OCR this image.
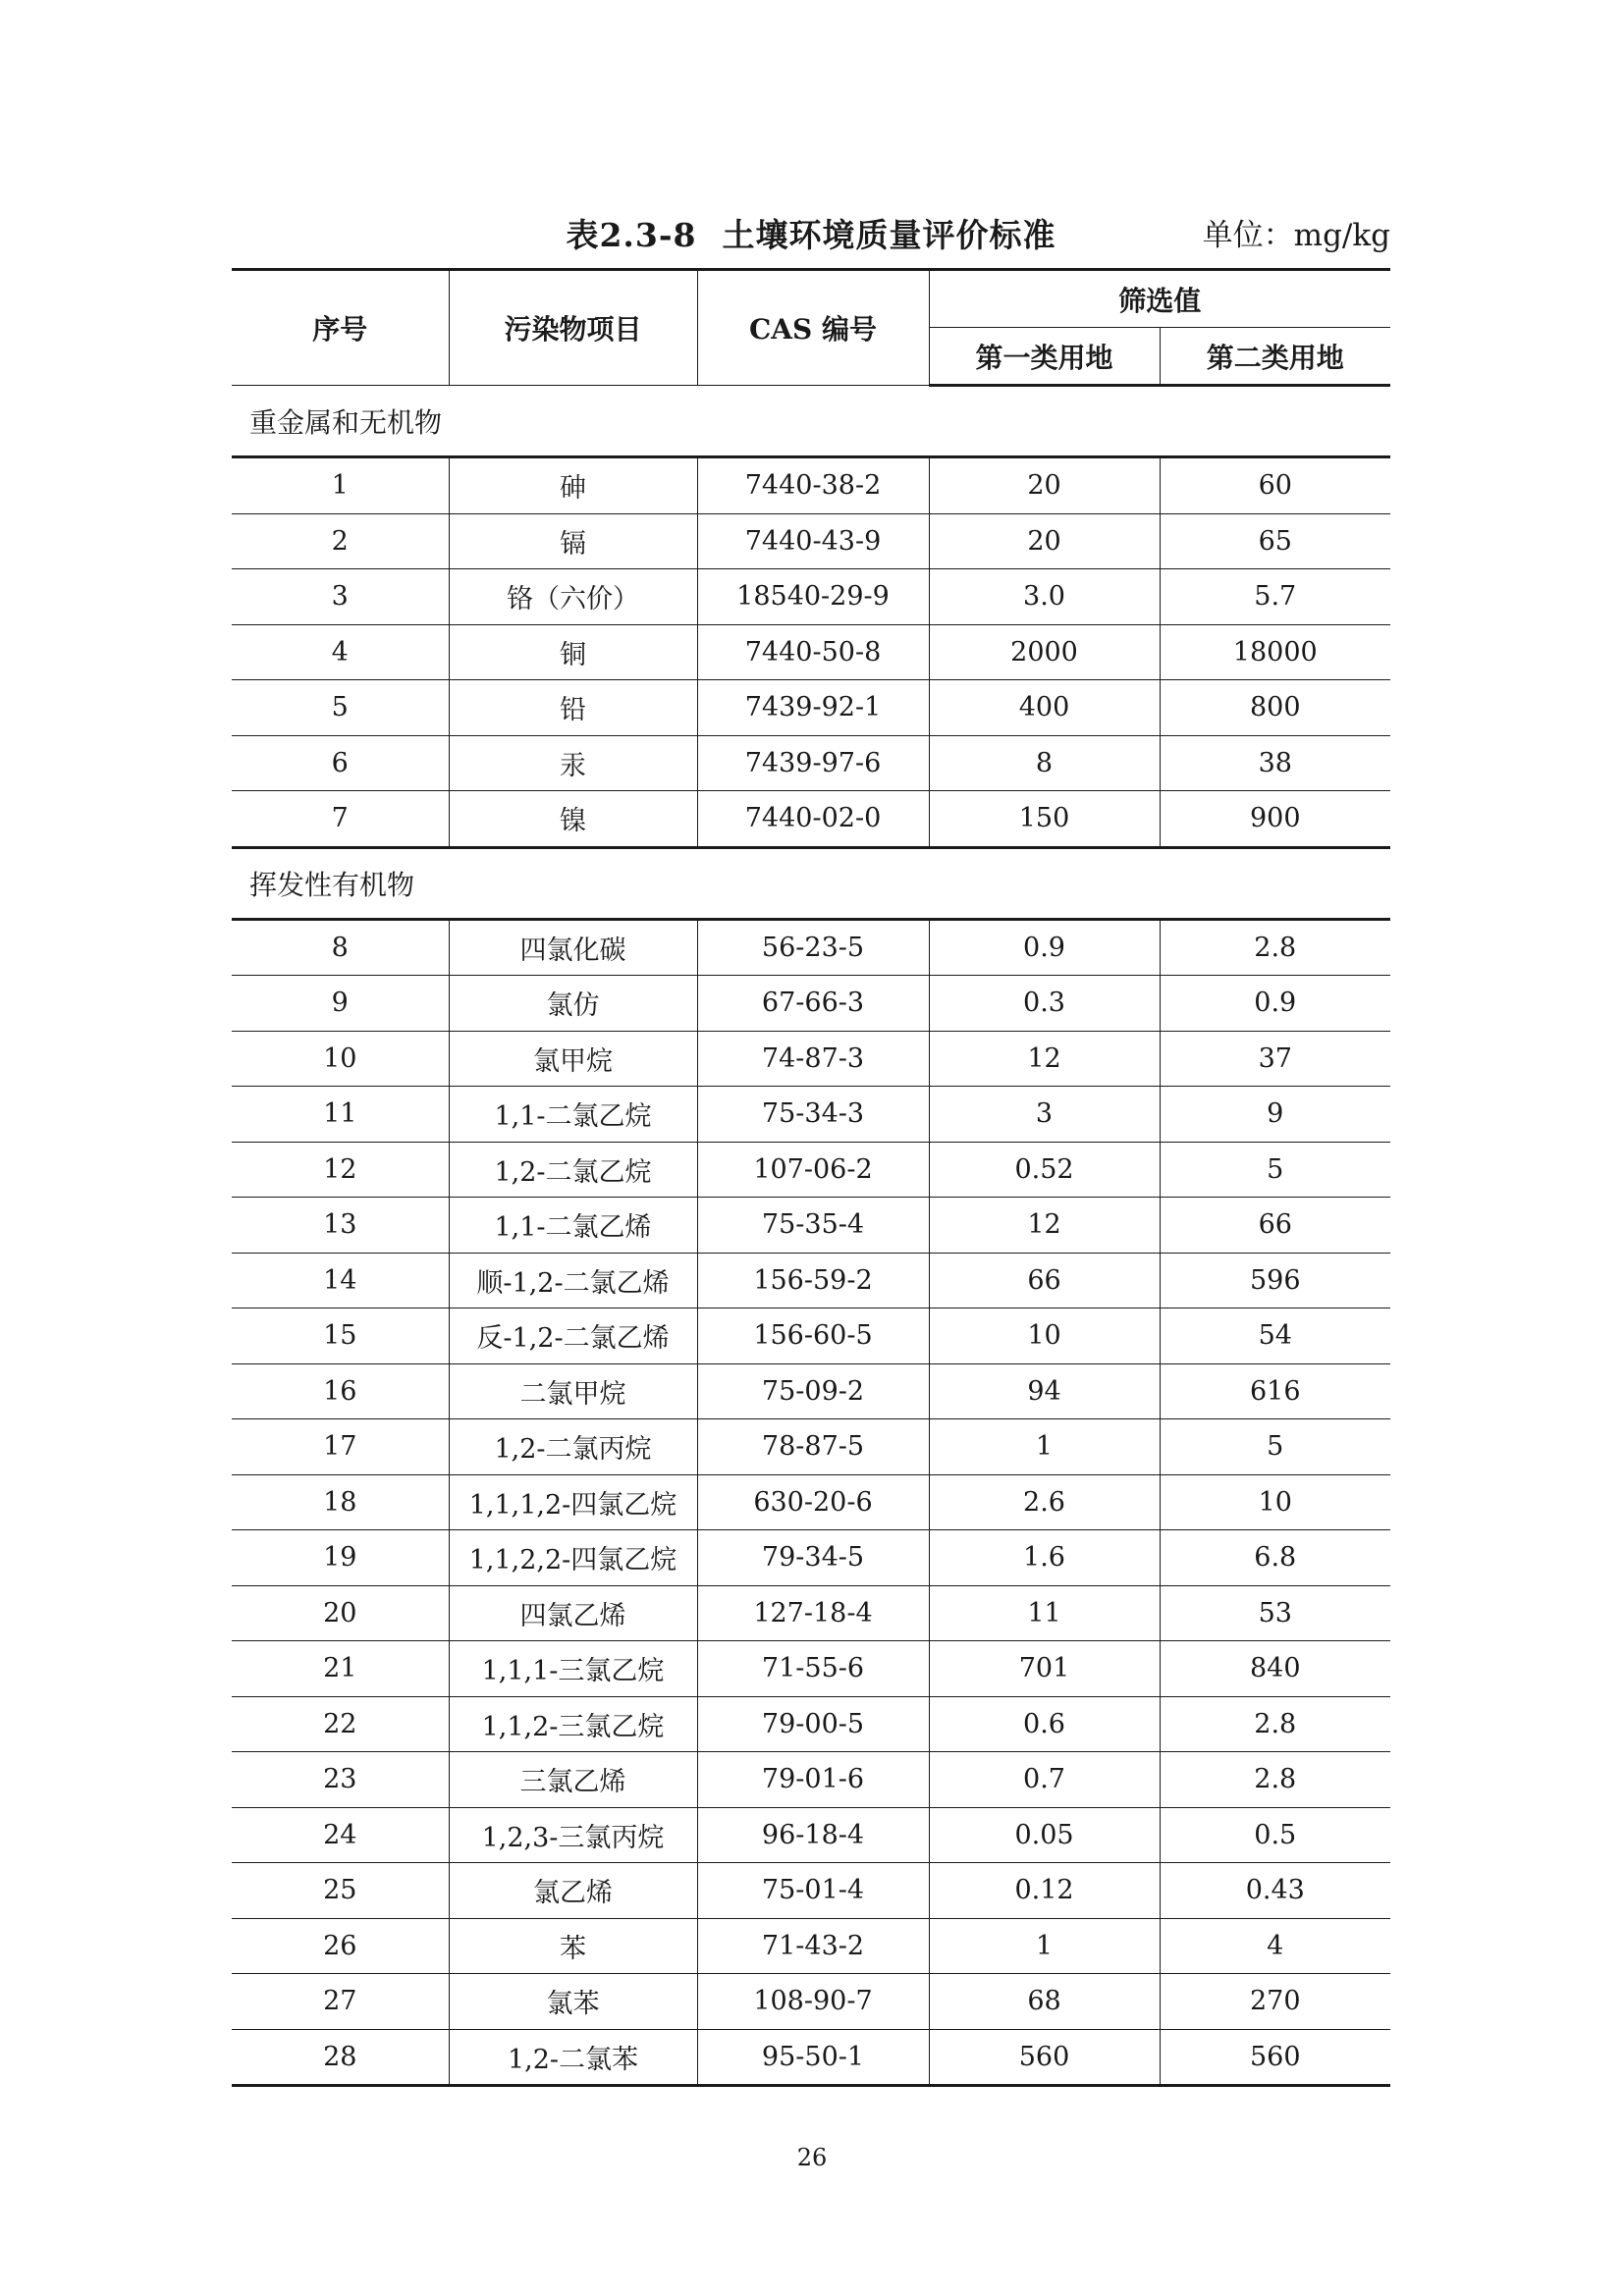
表2.3-8 土壤环境质量评价标准	单位：mg/kg
序号	污染物项目	CAS 编号	筛选值	
			第一类用地	第二类用地
重金属和无机物				
1	砷	7440-38-2	20	60
2	镉	7440-43-9	20	65
3	铬（六价）	18540-29-9	3.0	5.7
4	铜	7440-50-8	2000	18000
5	铅	7439-92-1	400	800
6	汞	7439-97-6	8	38
7	镍	7440-02-0	150	900
挥发性有机物				
8	四氯化碳	56-23-5	0.9	2.8
9	氯仿	67-66-3	0.3	0.9
10	氯甲烷	74-87-3	12	37
11	1,1-二氯乙烷	75-34-3	3	9
12	1,2-二氯乙烷	107-06-2	0.52	5
13	1,1-二氯乙烯	75-35-4	12	66
14	顺-1,2-二氯乙烯	156-59-2	66	596
15	反-1,2-二氯乙烯	156-60-5	10	54
16	二氯甲烷	75-09-2	94	616
17	1,2-二氯丙烷	78-87-5	1	5
18	1,1,1,2-四氯乙烷	630-20-6	2.6	10
19	1,1,2,2-四氯乙烷	79-34-5	1.6	6.8
20	四氯乙烯	127-18-4	11	53
21	1,1,1-三氯乙烷	71-55-6	701	840
22	1,1,2-三氯乙烷	79-00-5	0.6	2.8
23	三氯乙烯	79-01-6	0.7	2.8
24	1,2,3-三氯丙烷	96-18-4	0.05	0.5
25	氯乙烯	75-01-4	0.12	0.43
26	苯	71-43-2	1	4
27	氯苯	108-90-7	68	270
28	1,2-二氯苯	95-50-1	560	560
26
